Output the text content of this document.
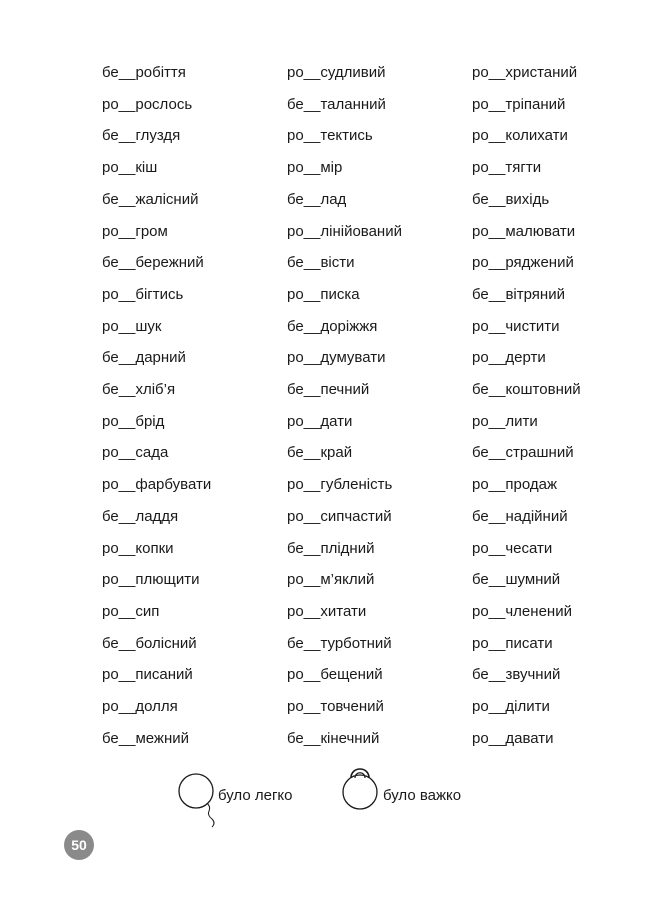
бе__робіття
ро__рослось
бе__глуздя
ро__кіш
бе__жалісний
ро__гром
бе__бережний
ро__бігтись
ро__шук
бе__дарний
бе__хліб’я
ро__брід
ро__сада
ро__фарбувати
бе__ладдя
ро__копки
ро__плющити
ро__сип
бе__болісний
ро__писаний
ро__долля
бе__межний
ро__судливий
бе__таланний
ро__тектись
ро__мір
бе__лад
ро__лінійований
бе__вісти
ро__писка
бе__доріжжя
ро__думувати
бе__печний
ро__дати
бе__край
ро__губленість
ро__сипчастий
бе__плідний
ро__м’яклий
ро__хитати
бе__турботний
ро__бещений
ро__товчений
бе__кінечний
ро__христаний
ро__тріпаний
ро__колихати
ро__тягти
бе__вихідь
ро__малювати
ро__ряджений
бе__вітряний
ро__чистити
ро__дерти
бе__коштовний
ро__лити
бе__страшний
ро__продаж
бе__надійний
ро__чесати
бе__шумний
ро__членений
ро__писати
бе__звучний
ро__ділити
ро__давати
було легко	було важко
50
